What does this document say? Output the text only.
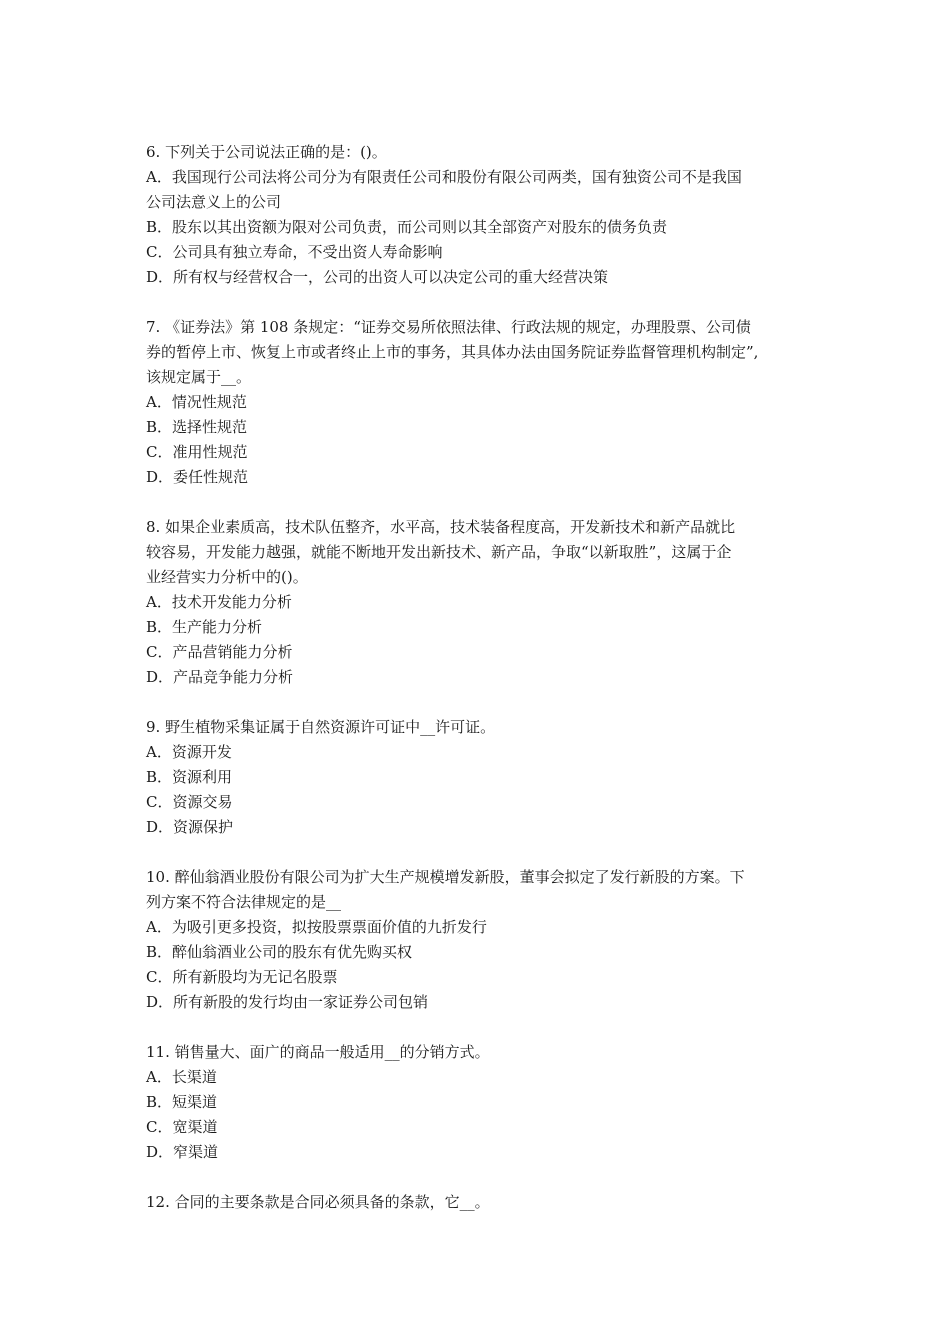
6. 下列关于公司说法正确的是：()。
A．我国现行公司法将公司分为有限责任公司和股份有限公司两类，国有独资公司不是我国
公司法意义上的公司
B．股东以其出资额为限对公司负责，而公司则以其全部资产对股东的债务负责
C．公司具有独立寿命，不受出资人寿命影响
D．所有权与经营权合一，公司的出资人可以决定公司的重大经营决策
7. 《证券法》第 108 条规定：“证券交易所依照法律、行政法规的规定，办理股票、公司债
券的暂停上市、恢复上市或者终止上市的事务，其具体办法由国务院证券监督管理机构制定”,
该规定属于__。
A．情况性规范
B．选择性规范
C．准用性规范
D．委任性规范
8. 如果企业素质高，技术队伍整齐，水平高，技术装备程度高，开发新技术和新产品就比
较容易，开发能力越强，就能不断地开发出新技术、新产品，争取“以新取胜”，这属于企
业经营实力分析中的()。
A．技术开发能力分析
B．生产能力分析
C．产品营销能力分析
D．产品竞争能力分析
9. 野生植物采集证属于自然资源许可证中__许可证。
A．资源开发
B．资源利用
C．资源交易
D．资源保护
10. 醉仙翁酒业股份有限公司为扩大生产规模增发新股，董事会拟定了发行新股的方案。下
列方案不符合法律规定的是__
A．为吸引更多投资，拟按股票票面价值的九折发行
B．醉仙翁酒业公司的股东有优先购买权
C．所有新股均为无记名股票
D．所有新股的发行均由一家证券公司包销
11. 销售量大、面广的商品一般适用__的分销方式。
A．长渠道
B．短渠道
C．宽渠道
D．窄渠道
12. 合同的主要条款是合同必须具备的条款，它__。
